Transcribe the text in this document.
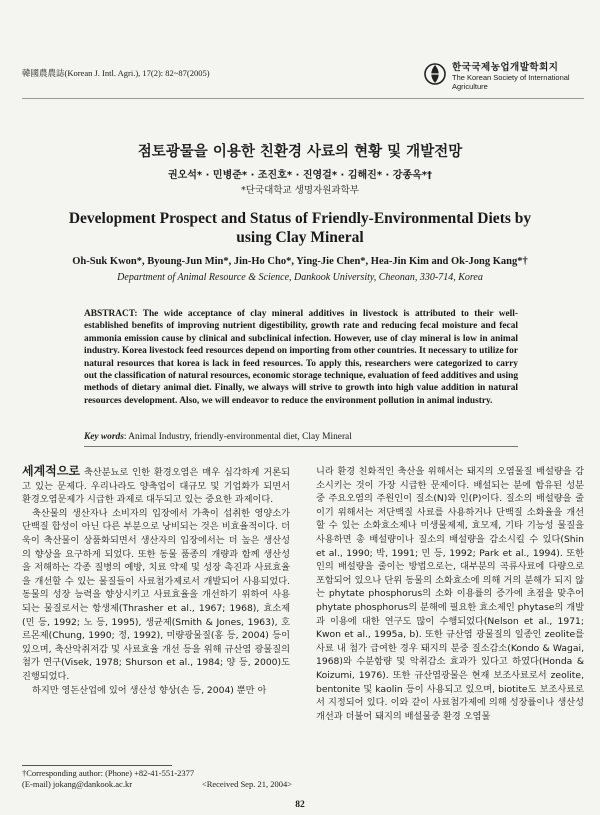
韓國農農誌(Korean J. Intl. Agri.), 17(2): 82~87(2005)	한국국제농업개발학회지
The Korean Society of International Agriculture
점토광물을 이용한 친환경 사료의 현황 및 개발전망
권오석* · 민병준* · 조진호* · 진영걸* · 김해진* · 강종옥*†
*단국대학교 생명자원과학부
Development Prospect and Status of Friendly-Environmental Diets by using Clay Mineral
Oh-Suk Kwon*, Byoung-Jun Min*, Jin-Ho Cho*, Ying-Jie Chen*, Hea-Jin Kim and Ok-Jong Kang*†
Department of Animal Resource & Science, Dankook University, Cheonan, 330-714, Korea
ABSTRACT: The wide acceptance of clay mineral additives in livestock is attributed to their well-established benefits of improving nutrient digestibility, growth rate and reducing fecal moisture and fecal ammonia emission cause by clinical and subclinical infection. However, use of clay mineral is low in animal industry. Korea livestock feed resources depend on importing from other countries. It necessary to utilize for natural resources that korea is lack in feed resources. To apply this, researchers were categorized to carry out the classification of natural resources, economic storage technique, evaluation of feed additives and using methods of dietary animal diet. Finally, we always will strive to growth into high value addition in natural resources development. Also, we will endeavor to reduce the environment pollution in animal industry.
Key words: Animal Industry, friendly-environmental diet, Clay Mineral

세계적으로 축산분뇨로 인한 환경오염은 매우 심각하게 거론되고 있는 문제다. 우리나라도 양축업이 대규모 및 기업화가 되면서 환경오염문제가 시급한 과제로 대두되고 있는 중요한 과제이다.

축산물의 생산자나 소비자의 입장에서 가축이 섭취한 영양소가 단백질 합성이 아닌 다른 부분으로 낭비되는 것은 비효율적이다. 더욱이 축산물이 상품화되면서 생산자의 입장에서는 더 높은 생산성의 향상을 요구하게 되었다. 또한 동물 품종의 개량과 함께 생산성을 저해하는 각종 질병의 예방, 치료 약제 및 성장 촉진과 사료효율을 개선할 수 있는 물질들이 사료첨가제로서 개발되어 사용되었다. 동물의 성장 능력을 향상시키고 사료효율을 개선하기 위하여 사용되는 물질로서는 항생제(Thrasher et al., 1967; 1968), 효소제(민 등, 1992; 노 등, 1995), 생균제(Smith & Jones, 1963), 호르몬제(Chung, 1990; 정, 1992), 미량광물질(홍 등, 2004) 등이 있으며, 축산악취저감 및 사료효율 개선 등을 위해 규산염 광물질의 첨가 연구(Visek, 1978; Shurson et al., 1984; 양 등, 2000)도 진행되었다.

하지만 영돈산업에 있어 생산성 향상(손 등, 2004) 뿐만 아

니라 환경 친화적인 축산을 위해서는 돼지의 오염물질 배설량을 감소시키는 것이 가장 시급한 문제이다. 배설되는 분에 함유된 성분 중 주요오염의 주원인이 질소(N)와 인(P)이다. 질소의 배설량을 줄이기 위해서는 저단백질 사료를 사용하거나 단백질 소화율을 개선할 수 있는 소화효소제나 미생물제제, 효모제, 기타 기능성 물질을 사용하면 총 배설량이나 질소의 배설량을 감소시킬 수 있다(Shin et al., 1990; 박, 1991; 민 등, 1992; Park et al., 1994). 또한 인의 배설량을 줄이는 방법으로는, 대부분의 곡류사료에 다량으로 포함되어 있으나 단위 동물의 소화효소에 의해 거의 분해가 되지 않는 phytate phosphorus의 소화 이용률의 증가에 초점을 맞추어 phytate phosphorus의 분해에 필요한 효소제인 phytase의 개발과 이용에 대한 연구도 많이 수행되었다(Nelson et al., 1971; Kwon et al., 1995a, b). 또한 규산염 광물질의 일종인 zeolite를 사료 내 첨가 급여한 경우 돼지의 분중 질소감소(Kondo & Wagai, 1968)와 수분함량 및 악취감소 효과가 있다고 하였다(Honda & Koizumi, 1976). 또한 규산염광물은 현재 보조사료로서 zeolite, bentonite 및 kaolin 등이 사용되고 있으며, biotite도 보조사료로서 지정되어 있다. 이와 같이 사료첨가제에 의해 성장률이나 생산성 개선과 더불어 돼지의 배설물중 환경 오염물

†Corresponding author: (Phone) +82-41-551-2377
(E-mail) jokang@dankook.ac.kr	<Received Sep. 21, 2004>
82
